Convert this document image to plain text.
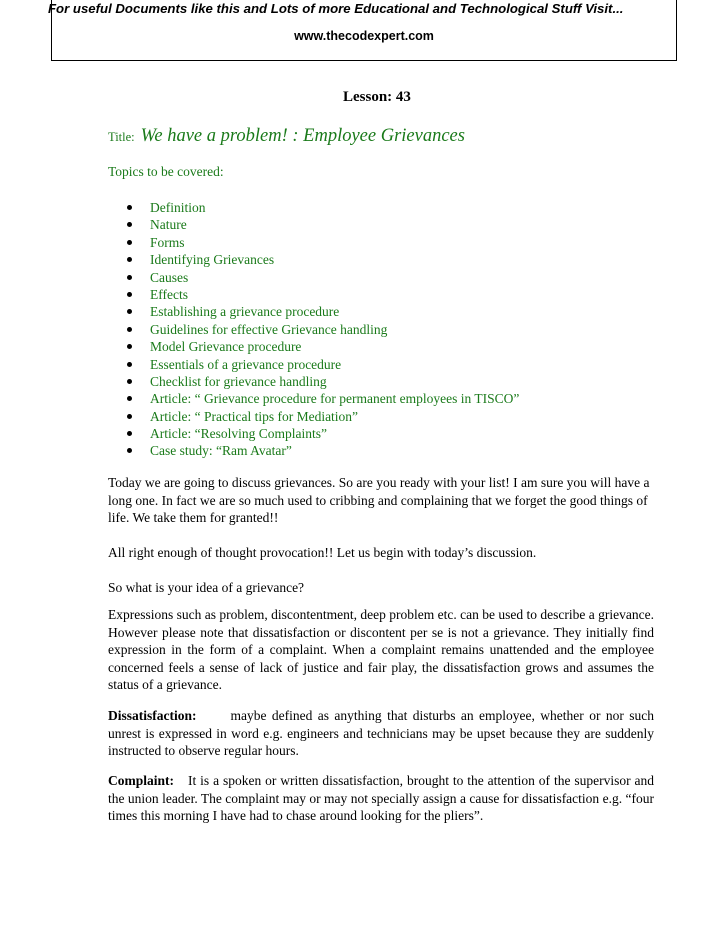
For useful Documents like this and Lots of more Educational and Technological Stuff Visit...
www.thecodexpert.com
Lesson: 43
Title: We have a problem! : Employee Grievances
Topics to be covered:
Definition
Nature
Forms
Identifying Grievances
Causes
Effects
Establishing a grievance procedure
Guidelines for effective Grievance handling
Model Grievance procedure
Essentials of a grievance procedure
Checklist for grievance handling
Article: “ Grievance procedure for permanent employees in TISCO”
Article: “ Practical tips for Mediation”
Article: “Resolving Complaints”
Case study: “Ram Avatar”

Today we are going to discuss grievances. So are you ready with your list! I am sure you will have a long one. In fact we are so much used to cribbing and complaining that we forget the good things of life. We take them for granted!!

All right enough of thought provocation!! Let us begin with today’s discussion.

So what is your idea of a grievance?

Expressions such as problem, discontentment, deep problem etc. can be used to describe a grievance. However please note that dissatisfaction or discontent per se is not a grievance. They initially find expression in the form of a complaint. When a complaint remains unattended and the employee concerned feels a sense of lack of justice and fair play, the dissatisfaction grows and assumes the status of a grievance.

Dissatisfaction:	maybe defined as anything that disturbs an employee, whether or nor such unrest is expressed in word e.g. engineers and technicians may be upset because they are suddenly instructed to observe regular hours.

Complaint: It is a spoken or written dissatisfaction, brought to the attention of the supervisor and the union leader. The complaint may or may not specially assign a cause for dissatisfaction e.g. “four times this morning I have had to chase around looking for the pliers”.
